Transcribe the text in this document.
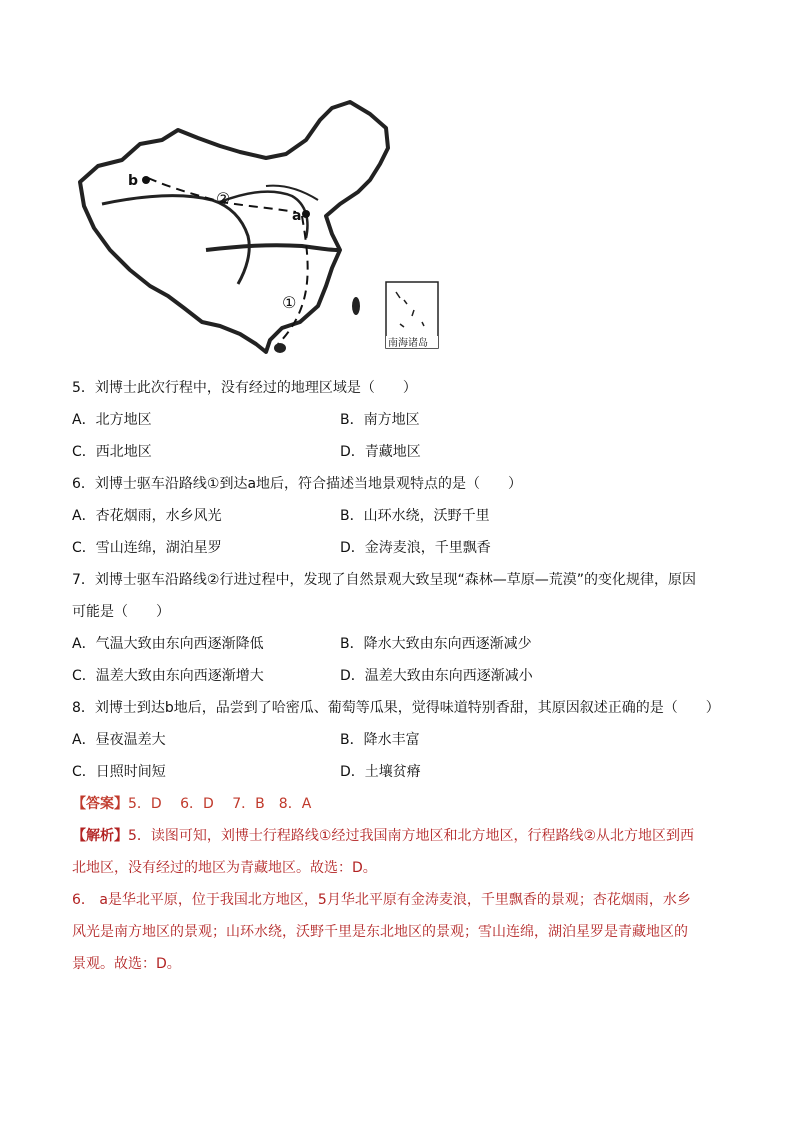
a
b
②
①
南海诸岛
5．刘博士此次行程中，没有经过的地理区域是（　　）
A．北方地区	B．南方地区
C．西北地区	D．青藏地区
6．刘博士驱车沿路线①到达a地后，符合描述当地景观特点的是（　　）
A．杏花烟雨，水乡风光	B．山环水绕，沃野千里
C．雪山连绵，湖泊星罗	D．金涛麦浪，千里飘香
7．刘博士驱车沿路线②行进过程中，发现了自然景观大致呈现“森林—草原—荒漠”的变化规律，原因
可能是（　　）
A．气温大致由东向西逐渐降低	B．降水大致由东向西逐渐减少
C．温差大致由东向西逐渐增大	D．温差大致由东向西逐渐减小
8．刘博士到达b地后，品尝到了哈密瓜、葡萄等瓜果，觉得味道特别香甜，其原因叙述正确的是（　　）
A．昼夜温差大	B．降水丰富
C．日照时间短	D．土壤贫瘠
【答案】5．D　 6．D　 7．B　8．A
【解析】5．读图可知，刘博士行程路线①经过我国南方地区和北方地区，行程路线②从北方地区到西
北地区，没有经过的地区为青藏地区。故选：D。
6． a是华北平原，位于我国北方地区，5月华北平原有金涛麦浪，千里飘香的景观；杏花烟雨，水乡
风光是南方地区的景观；山环水绕，沃野千里是东北地区的景观；雪山连绵，湖泊星罗是青藏地区的
景观。故选：D。
